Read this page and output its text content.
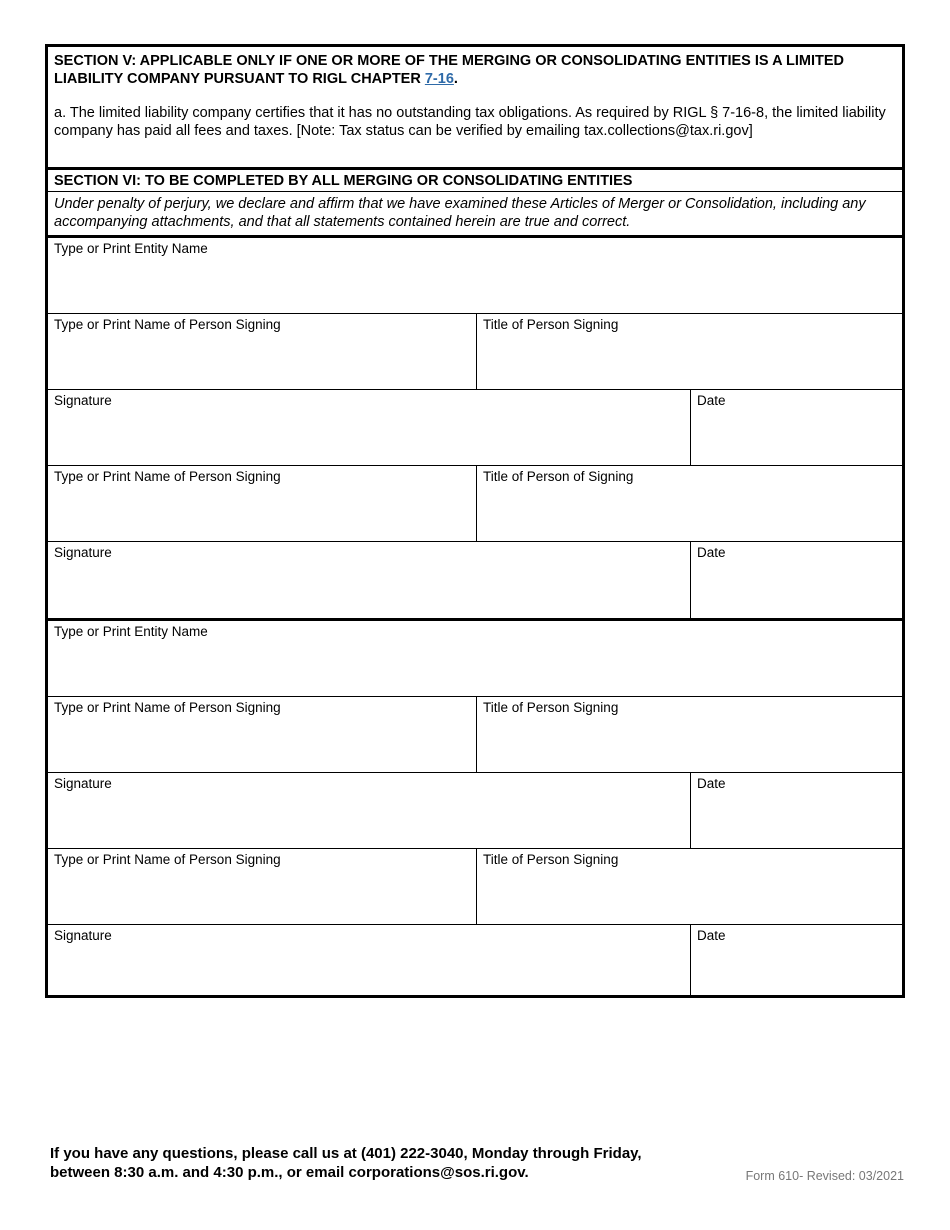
SECTION V: APPLICABLE ONLY IF ONE OR MORE OF THE MERGING OR CONSOLIDATING ENTITIES IS A LIMITED LIABILITY COMPANY PURSUANT TO RIGL CHAPTER 7-16.
a. The limited liability company certifies that it has no outstanding tax obligations. As required by RIGL § 7-16-8, the limited liability company has paid all fees and taxes. [Note: Tax status can be verified by emailing tax.collections@tax.ri.gov]
SECTION VI: TO BE COMPLETED BY ALL MERGING OR CONSOLIDATING ENTITIES
Under penalty of perjury, we declare and affirm that we have examined these Articles of Merger or Consolidation, including any accompanying attachments, and that all statements contained herein are true and correct.
Type or Print Entity Name
Type or Print Name of Person Signing	Title of Person Signing
Signature	Date
Type or Print Name of Person Signing	Title of Person of Signing
Signature	Date
Type or Print Entity Name
Type or Print Name of Person Signing	Title of Person Signing
Signature	Date
Type or Print Name of Person Signing	Title of Person Signing
Signature	Date
If you have any questions, please call us at (401) 222-3040, Monday through Friday, between 8:30 a.m. and 4:30 p.m., or email corporations@sos.ri.gov.	Form 610- Revised: 03/2021
